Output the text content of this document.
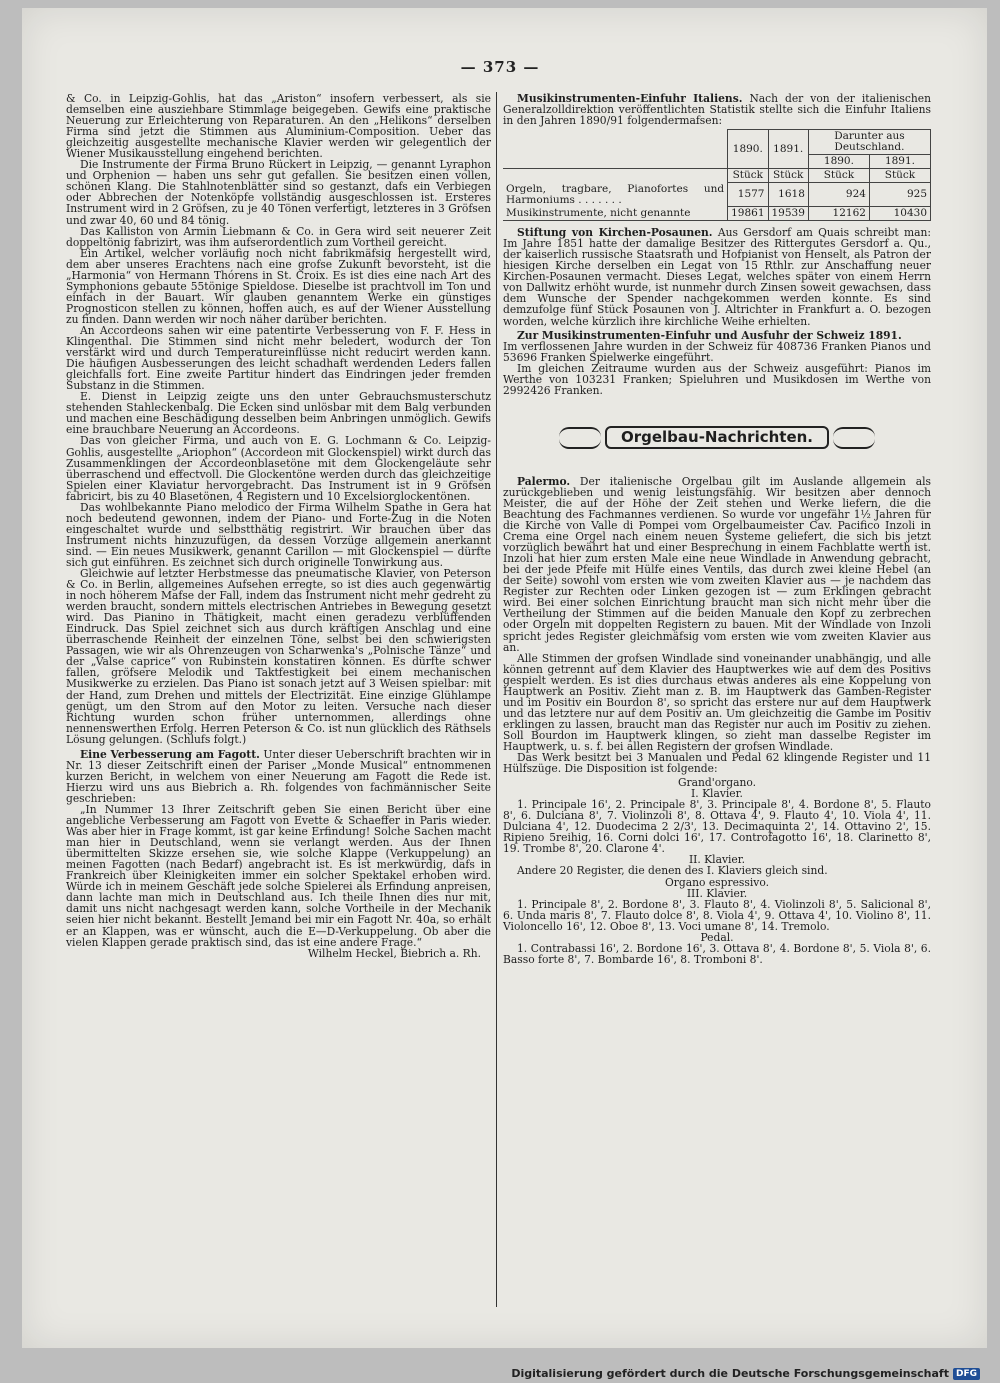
— 373 —

& Co. in Leipzig-Gohlis, hat das „Ariston“ insofern verbessert, als sie demselben eine ausziehbare Stimmlage beigegeben. Gewifs eine praktische Neuerung zur Erleichterung von Reparaturen. An den „Helikons“ derselben Firma sind jetzt die Stimmen aus Aluminium-Composition. Ueber das gleichzeitig ausgestellte mechanische Klavier werden wir gelegentlich der Wiener Musikausstellung eingehend berichten.

Die Instrumente der Firma Bruno Rückert in Leipzig, — genannt Lyraphon und Orphenion — haben uns sehr gut gefallen. Sie besitzen einen vollen, schönen Klang. Die Stahlnotenblätter sind so gestanzt, dafs ein Verbiegen oder Abbrechen der Notenköpfe vollständig ausgeschlossen ist. Ersteres Instrument wird in 2 Gröfsen, zu je 40 Tönen verfertigt, letzteres in 3 Gröfsen und zwar 40, 60 und 84 tönig.

Das Kalliston von Armin Liebmann & Co. in Gera wird seit neuerer Zeit doppeltönig fabrizirt, was ihm aufserordentlich zum Vortheil gereicht.

Ein Artikel, welcher vorläufig noch nicht fabrikmäfsig hergestellt wird, dem aber unseres Erachtens nach eine grofse Zukunft bevorsteht, ist die „Harmonia“ von Hermann Thórens in St. Croix. Es ist dies eine nach Art des Symphonions gebaute 55tönige Spieldose. Dieselbe ist prachtvoll im Ton und einfach in der Bauart. Wir glauben genanntem Werke ein günstiges Prognosticon stellen zu können, hoffen auch, es auf der Wiener Ausstellung zu finden. Dann werden wir noch näher darüber berichten.

An Accordeons sahen wir eine patentirte Verbesserung von F. F. Hess in Klingenthal. Die Stimmen sind nicht mehr beledert, wodurch der Ton verstärkt wird und durch Temperatureinflüsse nicht reducirt werden kann. Die häufigen Ausbesserungen des leicht schadhaft werdenden Leders fallen gleichfalls fort. Eine zweite Partitur hindert das Eindringen jeder fremden Substanz in die Stimmen.

E. Dienst in Leipzig zeigte uns den unter Gebrauchsmusterschutz stehenden Stahleckenbalg. Die Ecken sind unlösbar mit dem Balg verbunden und machen eine Beschädigung desselben beim Anbringen unmöglich. Gewifs eine brauchbare Neuerung an Accordeons.

Das von gleicher Firma, und auch von E. G. Lochmann & Co. Leipzig-Gohlis, ausgestellte „Ariophon“ (Accordeon mit Glockenspiel) wirkt durch das Zusammenklingen der Accordeonblasetöne mit dem Glockengeläute sehr überraschend und effectvoll. Die Glockentöne werden durch das gleichzeitige Spielen einer Klaviatur hervorgebracht. Das Instrument ist in 9 Gröfsen fabricirt, bis zu 40 Blasetönen, 4 Registern und 10 Excelsiorglockentönen.

Das wohlbekannte Piano melodico der Firma Wilhelm Spathe in Gera hat noch bedeutend gewonnen, indem der Piano- und Forte-Zug in die Noten eingeschaltet wurde und selbstthätig registrirt. Wir brauchen über das Instrument nichts hinzuzufügen, da dessen Vorzüge allgemein anerkannt sind. — Ein neues Musikwerk, genannt Carillon — mit Glockenspiel — dürfte sich gut einführen. Es zeichnet sich durch originelle Tonwirkung aus.

Gleichwie auf letzter Herbstmesse das pneumatische Klavier, von Peterson & Co. in Berlin, allgemeines Aufsehen erregte, so ist dies auch gegenwärtig in noch höherem Mafse der Fall, indem das Instrument nicht mehr gedreht zu werden braucht, sondern mittels electrischen Antriebes in Bewegung gesetzt wird. Das Pianino in Thätigkeit, macht einen geradezu verblüffenden Eindruck. Das Spiel zeichnet sich aus durch kräftigen Anschlag und eine überraschende Reinheit der einzelnen Töne, selbst bei den schwierigsten Passagen, wie wir als Ohrenzeugen von Scharwenka's „Polnische Tänze“ und der „Valse caprice“ von Rubinstein konstatiren können. Es dürfte schwer fallen, gröfsere Melodik und Taktfestigkeit bei einem mechanischen Musikwerke zu erzielen. Das Piano ist sonach jetzt auf 3 Weisen spielbar: mit der Hand, zum Drehen und mittels der Electrizität. Eine einzige Glühlampe genügt, um den Strom auf den Motor zu leiten. Versuche nach dieser Richtung wurden schon früher unternommen, allerdings ohne nennenswerthen Erfolg. Herren Peterson & Co. ist nun glücklich des Räthsels Lösung gelungen. (Schlufs folgt.)

Eine Verbesserung am Fagott. Unter dieser Ueberschrift brachten wir in Nr. 13 dieser Zeitschrift einen der Pariser „Monde Musical“ entnommenen kurzen Bericht, in welchem von einer Neuerung am Fagott die Rede ist. Hierzu wird uns aus Biebrich a. Rh. folgendes von fachmännischer Seite geschrieben:

„In Nummer 13 Ihrer Zeitschrift geben Sie einen Bericht über eine angebliche Verbesserung am Fagott von Evette & Schaeffer in Paris wieder. Was aber hier in Frage kommt, ist gar keine Erfindung! Solche Sachen macht man hier in Deutschland, wenn sie verlangt werden. Aus der Ihnen übermittelten Skizze ersehen sie, wie solche Klappe (Verkuppelung) an meinen Fagotten (nach Bedarf) angebracht ist. Es ist merkwürdig, dafs in Frankreich über Kleinigkeiten immer ein solcher Spektakel erhoben wird. Würde ich in meinem Geschäft jede solche Spielerei als Erfindung anpreisen, dann lachte man mich in Deutschland aus. Ich theile Ihnen dies nur mit, damit uns nicht nachgesagt werden kann, solche Vortheile in der Mechanik seien hier nicht bekannt. Bestellt Jemand bei mir ein Fagott Nr. 40a, so erhält er an Klappen, was er wünscht, auch die E—D-Verkuppelung. Ob aber die vielen Klappen gerade praktisch sind, das ist eine andere Frage.“

Wilhelm Heckel, Biebrich a. Rh.

Musikinstrumenten-Einfuhr Italiens. Nach der von der italienischen Generalzolldirektion veröffentlichten Statistik stellte sich die Einfuhr Italiens in den Jahren 1890/91 folgendermafsen:

	1890.	1891.	Darunter aus Deutschland.	
			1890.	1891.
	Stück	Stück	Stück	Stück
Orgeln, tragbare, Pianofortes und Harmoniums . . . . . . .	1577	1618	924	925
Musikinstrumente, nicht genannte	19861	19539	12162	10430

Stiftung von Kirchen-Posaunen. Aus Gersdorf am Quais schreibt man: Im Jahre 1851 hatte der damalige Besitzer des Rittergutes Gersdorf a. Qu., der kaiserlich russische Staatsrath und Hofpianist von Henselt, als Patron der hiesigen Kirche derselben ein Legat von 15 Rthlr. zur Anschaffung neuer Kirchen-Posaunen vermacht. Dieses Legat, welches später von einem Herrn von Dallwitz erhöht wurde, ist nunmehr durch Zinsen soweit gewachsen, dass dem Wunsche der Spender nachgekommen werden konnte. Es sind demzufolge fünf Stück Posaunen von J. Altrichter in Frankfurt a. O. bezogen worden, welche kürzlich ihre kirchliche Weihe erhielten.

Zur Musikinstrumenten-Einfuhr und Ausfuhr der Schweiz 1891.

Im verflossenen Jahre wurden in der Schweiz für 408736 Franken Pianos und 53696 Franken Spielwerke eingeführt.

Im gleichen Zeitraume wurden aus der Schweiz ausgeführt: Pianos im Werthe von 103231 Franken; Spieluhren und Musikdosen im Werthe von 2992426 Franken.

Orgelbau-Nachrichten.

Palermo. Der italienische Orgelbau gilt im Auslande allgemein als zurückgeblieben und wenig leistungsfähig. Wir besitzen aber dennoch Meister, die auf der Höhe der Zeit stehen und Werke liefern, die die Beachtung des Fachmannes verdienen. So wurde vor ungefähr 1½ Jahren für die Kirche von Valle di Pompei vom Orgelbaumeister Cav. Pacifico Inzoli in Crema eine Orgel nach einem neuen Systeme geliefert, die sich bis jetzt vorzüglich bewährt hat und einer Besprechung in einem Fachblatte werth ist. Inzoli hat hier zum ersten Male eine neue Windlade in Anwendung gebracht, bei der jede Pfeife mit Hülfe eines Ventils, das durch zwei kleine Hebel (an der Seite) sowohl vom ersten wie vom zweiten Klavier aus — je nachdem das Register zur Rechten oder Linken gezogen ist — zum Erklingen gebracht wird. Bei einer solchen Einrichtung braucht man sich nicht mehr über die Vertheilung der Stimmen auf die beiden Manuale den Kopf zu zerbrechen oder Orgeln mit doppelten Registern zu bauen. Mit der Windlade von Inzoli spricht jedes Register gleichmäfsig vom ersten wie vom zweiten Klavier aus an.

Alle Stimmen der grofsen Windlade sind voneinander unabhängig, und alle können getrennt auf dem Klavier des Hauptwerkes wie auf dem des Positivs gespielt werden. Es ist dies durchaus etwas anderes als eine Koppelung von Hauptwerk an Positiv. Zieht man z. B. im Hauptwerk das Gamben-Register und im Positiv ein Bourdon 8', so spricht das erstere nur auf dem Hauptwerk und das letztere nur auf dem Positiv an. Um gleichzeitig die Gambe im Positiv erklingen zu lassen, braucht man das Register nur auch im Positiv zu ziehen. Soll Bourdon im Hauptwerk klingen, so zieht man dasselbe Register im Hauptwerk, u. s. f. bei allen Registern der grofsen Windlade.

Das Werk besitzt bei 3 Manualen und Pedal 62 klingende Register und 11 Hülfszüge. Die Disposition ist folgende:

Grand'organo.

I. Klavier.

1. Principale 16', 2. Principale 8', 3. Principale 8', 4. Bordone 8', 5. Flauto 8', 6. Dulciana 8', 7. Violinzoli 8', 8. Ottava 4', 9. Flauto 4', 10. Viola 4', 11. Dulciana 4', 12. Duodecima 2 2/3', 13. Decimaquinta 2', 14. Ottavino 2', 15. Ripieno 5reihig, 16. Corni dolci 16', 17. Controfagotto 16', 18. Clarinetto 8', 19. Trombe 8', 20. Clarone 4'.

II. Klavier.

Andere 20 Register, die denen des I. Klaviers gleich sind.

Organo espressivo.

III. Klavier.

1. Principale 8', 2. Bordone 8', 3. Flauto 8', 4. Violinzoli 8', 5. Salicional 8', 6. Unda maris 8', 7. Flauto dolce 8', 8. Viola 4', 9. Ottava 4', 10. Violino 8', 11. Violoncello 16', 12. Oboe 8', 13. Voci umane 8', 14. Tremolo.

Pedal.

1. Contrabassi 16', 2. Bordone 16', 3. Ottava 8', 4. Bordone 8', 5. Viola 8', 6. Basso forte 8', 7. Bombarde 16', 8. Tromboni 8'.

Digitalisierung gefördert durch die Deutsche Forschungsgemeinschaft DFG
